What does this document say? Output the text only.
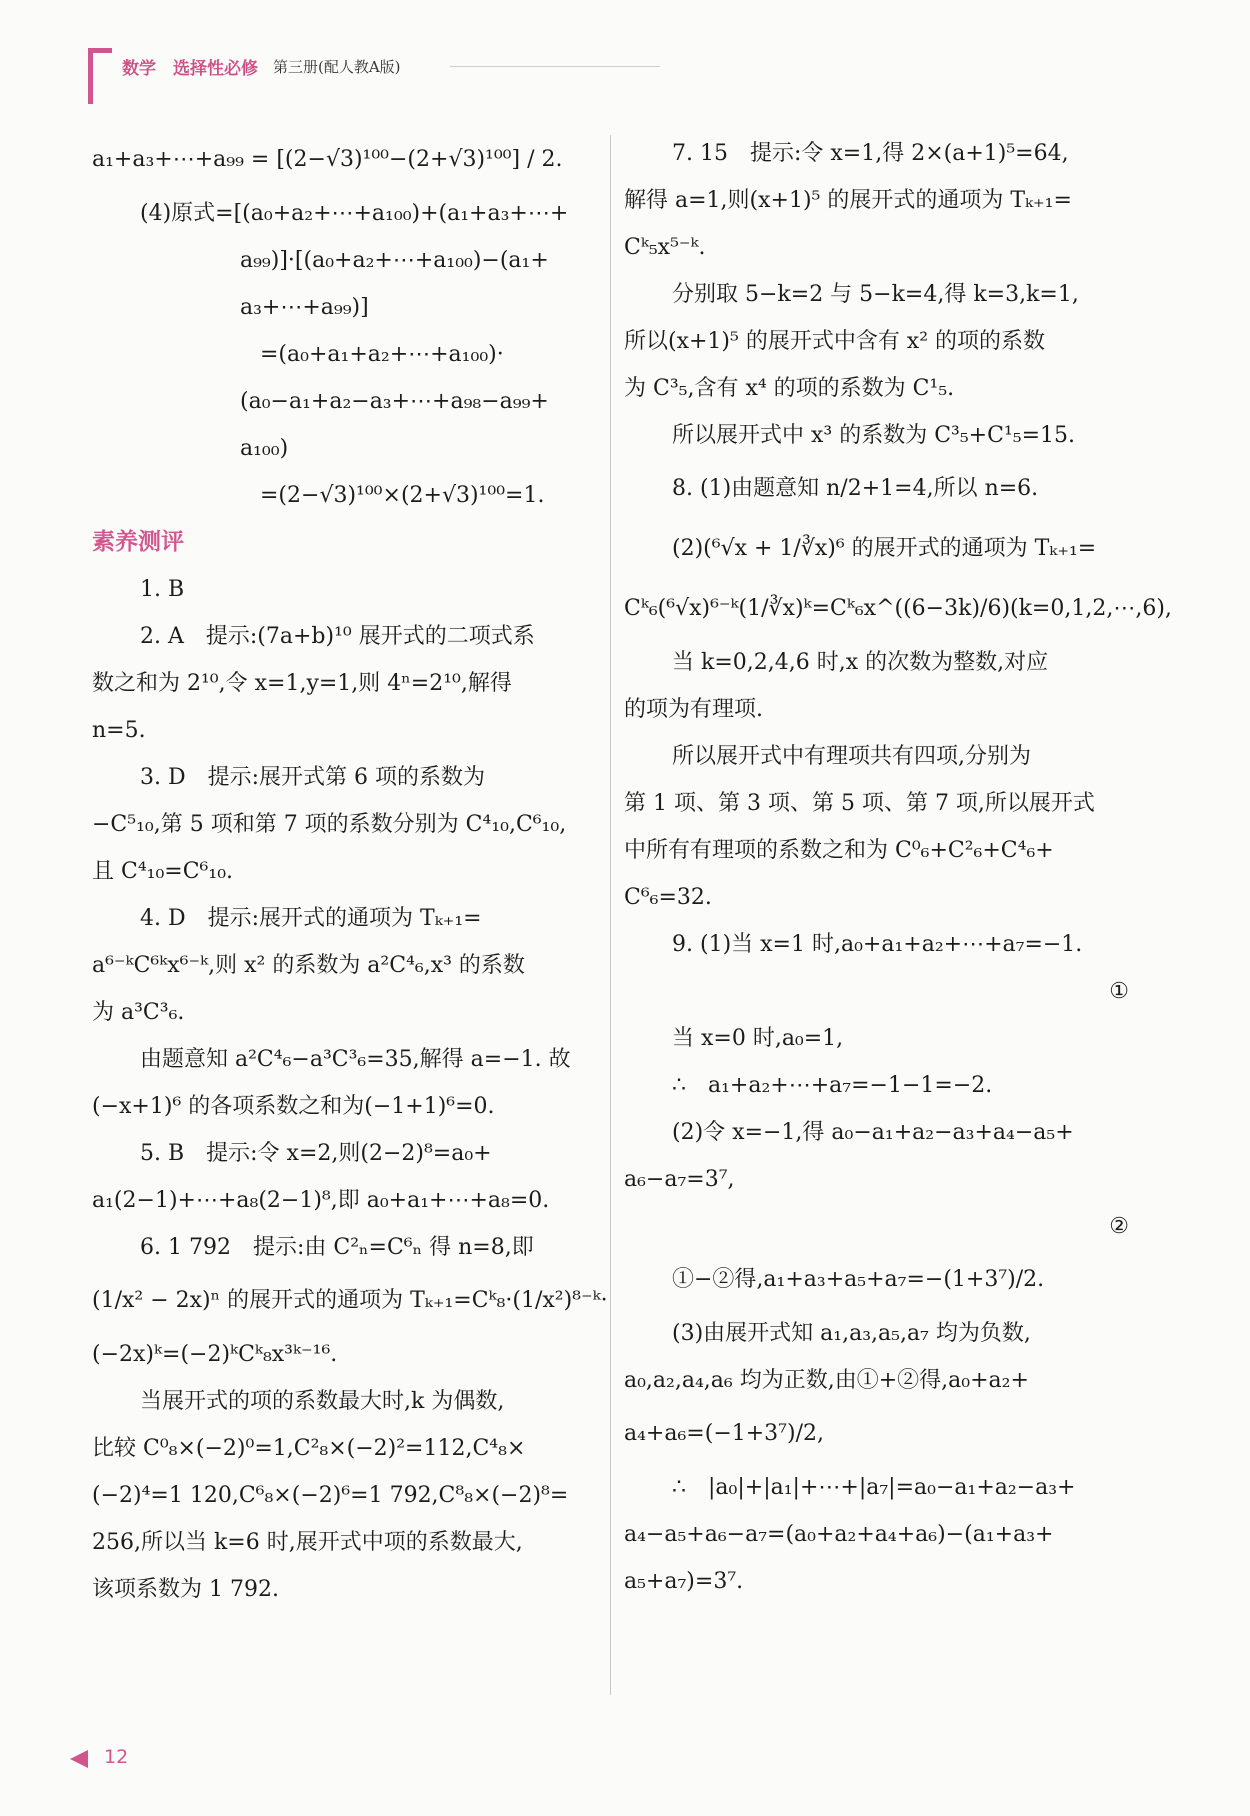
数学 选择性必修 第三册(配人教A版)
a₁+a₃+⋯+a₉₉ = [(2−√3)¹⁰⁰−(2+√3)¹⁰⁰] / 2.
(4)原式=[(a₀+a₂+⋯+a₁₀₀)+(a₁+a₃+⋯+
a₉₉)]·[(a₀+a₂+⋯+a₁₀₀)−(a₁+
a₃+⋯+a₉₉)]
=(a₀+a₁+a₂+⋯+a₁₀₀)·
(a₀−a₁+a₂−a₃+⋯+a₉₈−a₉₉+
a₁₀₀)
=(2−√3)¹⁰⁰×(2+√3)¹⁰⁰=1.
素养测评
1. B
2. A　提示:(7a+b)¹⁰ 展开式的二项式系
数之和为 2¹⁰,令 x=1,y=1,则 4ⁿ=2¹⁰,解得
n=5.
3. D　提示:展开式第 6 项的系数为
−C⁵₁₀,第 5 项和第 7 项的系数分别为 C⁴₁₀,C⁶₁₀,
且 C⁴₁₀=C⁶₁₀.
4. D　提示:展开式的通项为 Tₖ₊₁=
a⁶⁻ᵏC⁶ᵏx⁶⁻ᵏ,则 x² 的系数为 a²C⁴₆,x³ 的系数
为 a³C³₆.
由题意知 a²C⁴₆−a³C³₆=35,解得 a=−1. 故
(−x+1)⁶ 的各项系数之和为(−1+1)⁶=0.
5. B　提示:令 x=2,则(2−2)⁸=a₀+
a₁(2−1)+⋯+a₈(2−1)⁸,即 a₀+a₁+⋯+a₈=0.
6. 1 792　提示:由 C²ₙ=C⁶ₙ 得 n=8,即
(1/x² − 2x)ⁿ 的展开式的通项为 Tₖ₊₁=Cᵏ₈·(1/x²)⁸⁻ᵏ·
(−2x)ᵏ=(−2)ᵏCᵏ₈x³ᵏ⁻¹⁶.
当展开式的项的系数最大时,k 为偶数,
比较 C⁰₈×(−2)⁰=1,C²₈×(−2)²=112,C⁴₈×
(−2)⁴=1 120,C⁶₈×(−2)⁶=1 792,C⁸₈×(−2)⁸=
256,所以当 k=6 时,展开式中项的系数最大,
该项系数为 1 792.
7. 15　提示:令 x=1,得 2×(a+1)⁵=64,
解得 a=1,则(x+1)⁵ 的展开式的通项为 Tₖ₊₁=
Cᵏ₅x⁵⁻ᵏ.
分别取 5−k=2 与 5−k=4,得 k=3,k=1,
所以(x+1)⁵ 的展开式中含有 x² 的项的系数
为 C³₅,含有 x⁴ 的项的系数为 C¹₅.
所以展开式中 x³ 的系数为 C³₅+C¹₅=15.
8. (1)由题意知 n/2+1=4,所以 n=6.
(2)(⁶√x + 1/∛x)⁶ 的展开式的通项为 Tₖ₊₁=
Cᵏ₆(⁶√x)⁶⁻ᵏ(1/∛x)ᵏ=Cᵏ₆x^((6−3k)/6)(k=0,1,2,⋯,6),
当 k=0,2,4,6 时,x 的次数为整数,对应
的项为有理项.
所以展开式中有理项共有四项,分别为
第 1 项、第 3 项、第 5 项、第 7 项,所以展开式
中所有有理项的系数之和为 C⁰₆+C²₆+C⁴₆+
C⁶₆=32.
9. (1)当 x=1 时,a₀+a₁+a₂+⋯+a₇=−1.
①
当 x=0 时,a₀=1,
∴　a₁+a₂+⋯+a₇=−1−1=−2.
(2)令 x=−1,得 a₀−a₁+a₂−a₃+a₄−a₅+
a₆−a₇=3⁷,
②
①−②得,a₁+a₃+a₅+a₇=−(1+3⁷)/2.
(3)由展开式知 a₁,a₃,a₅,a₇ 均为负数,
a₀,a₂,a₄,a₆ 均为正数,由①+②得,a₀+a₂+
a₄+a₆=(−1+3⁷)/2,
∴　|a₀|+|a₁|+⋯+|a₇|=a₀−a₁+a₂−a₃+
a₄−a₅+a₆−a₇=(a₀+a₂+a₄+a₆)−(a₁+a₃+
a₅+a₇)=3⁷.
12
